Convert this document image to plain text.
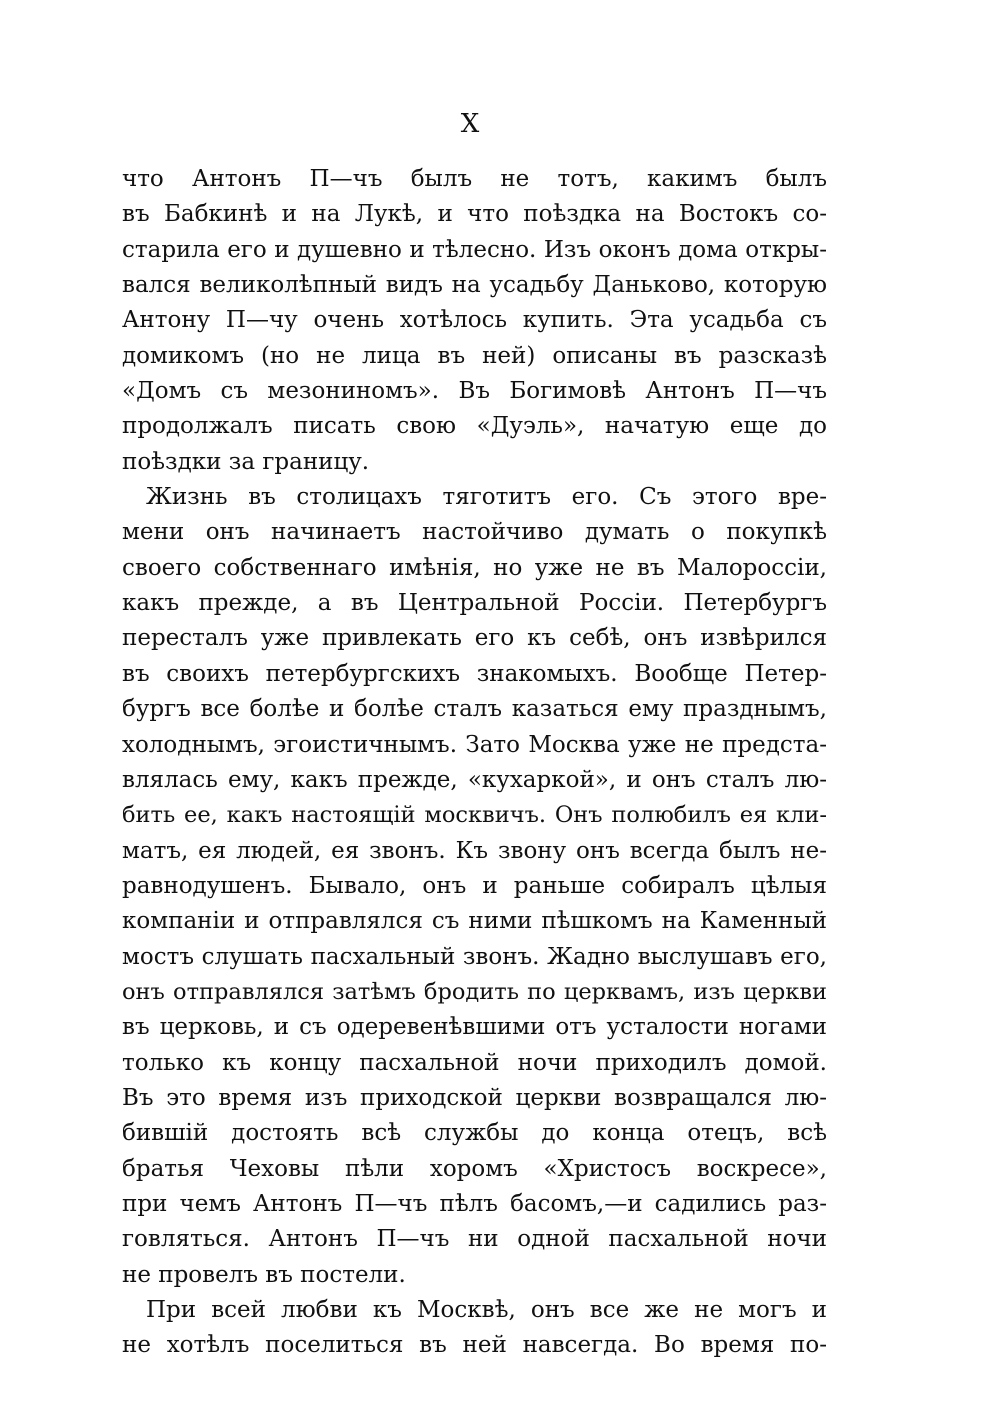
X
что Антонъ П—чъ былъ не тотъ, какимъ былъ
въ Бабкинѣ и на Лукѣ, и что поѣздка на Востокъ со-
старила его и душевно и тѣлесно. Изъ оконъ дома откры-
вался великолѣпный видъ на усадьбу Даньково, которую
Антону П—чу очень хотѣлось купить. Эта усадьба съ
домикомъ (но не лица въ ней) описаны въ разсказѣ
«Домъ съ мезониномъ». Въ Богимовѣ Антонъ П—чъ
продолжалъ писать свою «Дуэль», начатую еще до
поѣздки за границу.
Жизнь въ столицахъ тяготитъ его. Съ этого вре-
мени онъ начинаетъ настойчиво думать о покупкѣ
своего собственнаго имѣнія, но уже не въ Малороссіи,
какъ прежде, а въ Центральной Россіи. Петербургъ
пересталъ уже привлекать его къ себѣ, онъ извѣрился
въ своихъ петербургскихъ знакомыхъ. Вообще Петер-
бургъ все болѣе и болѣе сталъ казаться ему празднымъ,
холоднымъ, эгоистичнымъ. Зато Москва уже не предста-
влялась ему, какъ прежде, «кухаркой», и онъ сталъ лю-
бить ее, какъ настоящій москвичъ. Онъ полюбилъ ея кли-
матъ, ея людей, ея звонъ. Къ звону онъ всегда былъ не-
равнодушенъ. Бывало, онъ и раньше собиралъ цѣлыя
компаніи и отправлялся съ ними пѣшкомъ на Каменный
мостъ слушать пасхальный звонъ. Жадно выслушавъ его,
онъ отправлялся затѣмъ бродить по церквамъ, изъ церкви
въ церковь, и съ одеревенѣвшими отъ усталости ногами
только къ концу пасхальной ночи приходилъ домой.
Въ это время изъ приходской церкви возвращался лю-
бившій достоять всѣ службы до конца отецъ, всѣ
братья Чеховы пѣли хоромъ «Христосъ воскресе»,
при чемъ Антонъ П—чъ пѣлъ басомъ,—и садились раз-
говляться. Антонъ П—чъ ни одной пасхальной ночи
не провелъ въ постели.
При всей любви къ Москвѣ, онъ все же не могъ и
не хотѣлъ поселиться въ ней навсегда. Во время по-
